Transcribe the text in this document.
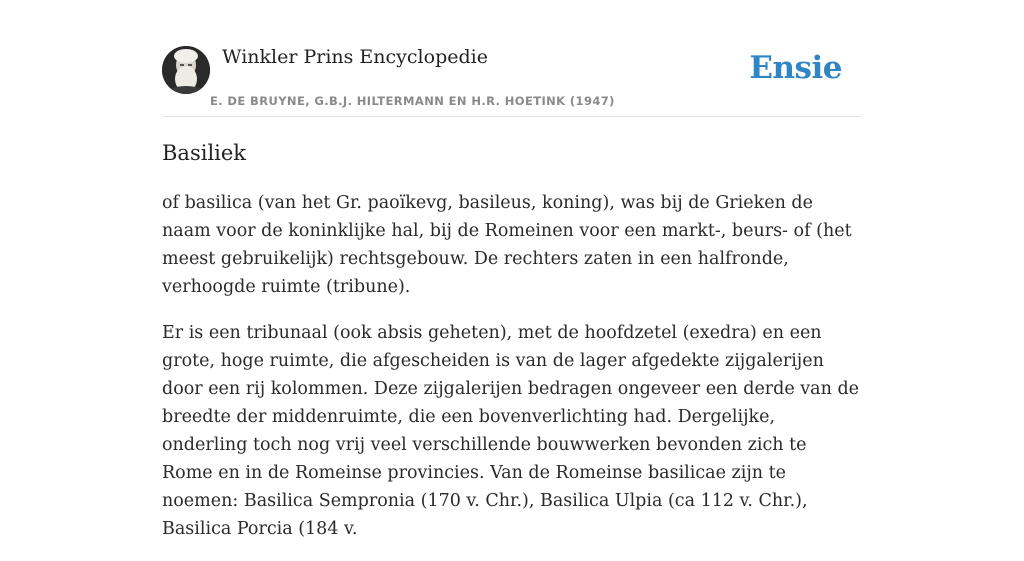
Winkler Prins Encyclopedie
E. DE BRUYNE, G.B.J. HILTERMANN EN H.R. HOETINK (1947)
Ensie
Basiliek

of basilica (van het Gr. paoïkevg, basileus, koning), was bij de Grieken de naam voor de koninklijke hal, bij de Romeinen voor een markt-, beurs- of (het meest gebruikelijk) rechtsgebouw. De rechters zaten in een halfronde, verhoogde ruimte (tribune).

Er is een tribunaal (ook absis geheten), met de hoofdzetel (exedra) en een grote, hoge ruimte, die afgescheiden is van de lager afgedekte zijgalerijen door een rij kolommen. Deze zijgalerijen bedragen ongeveer een derde van de breedte der middenruimte, die een bovenverlichting had. Dergelijke, onderling toch nog vrij veel verschillende bouwwerken bevonden zich te Rome en in de Romeinse provincies. Van de Romeinse basilicae zijn te noemen: Basilica Sempronia (170 v. Chr.), Basilica Ulpia (ca 112 v. Chr.), Basilica Porcia (184 v.
